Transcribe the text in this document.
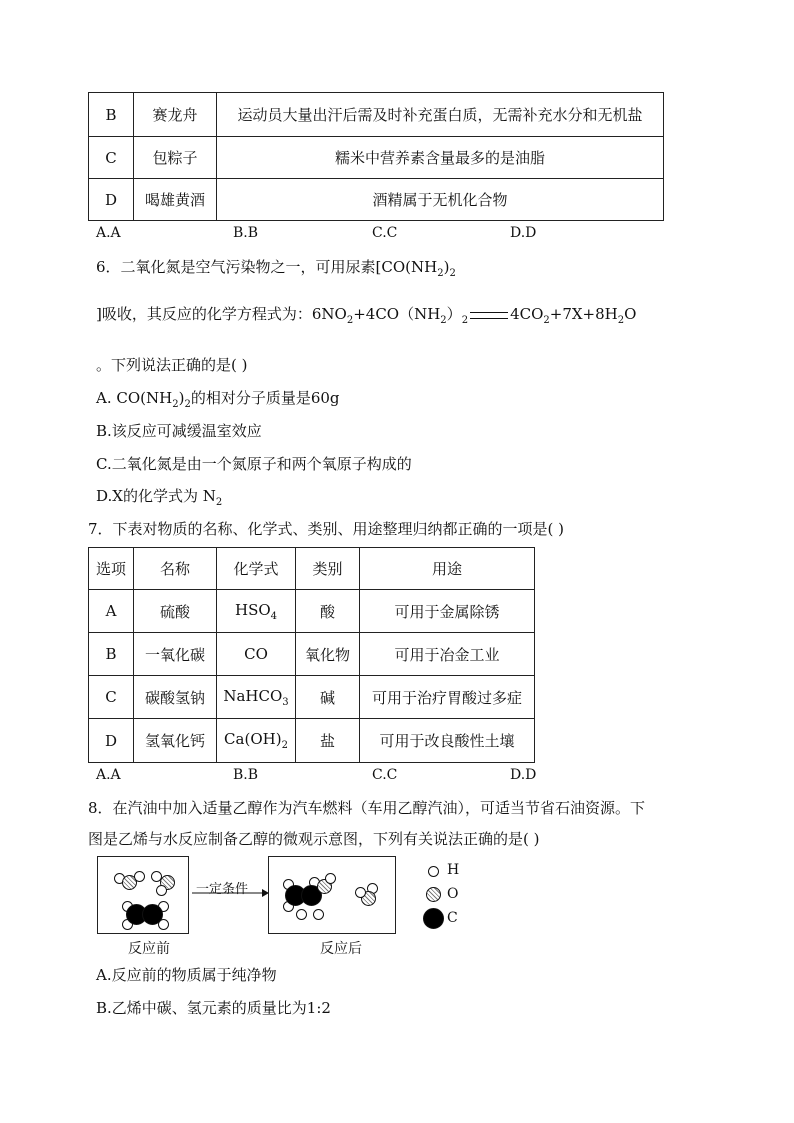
B	赛龙舟	运动员大量出汗后需及时补充蛋白质，无需补充水分和无机盐
C	包粽子	糯米中营养素含量最多的是油脂
D	喝雄黄酒	酒精属于无机化合物
A.A	B.B	C.C	D.D
6．二氧化氮是空气污染物之一，可用尿素[$CO(NH_2)_2$
]吸收，其反应的化学方程式为：$6NO_2+4CO(NH_2)_2$	$4CO_2+7X+8H_2O$
。下列说法正确的是( )
A. $CO(NH_2)_2$的相对分子质量是60g
B.该反应可减缓温室效应
C.二氧化氮是由一个氮原子和两个氧原子构成的
D.X的化学式为 $N_2$
7．下表对物质的名称、化学式、类别、用途整理归纳都正确的一项是( )
选项	名称	化学式	类别	用途
A	硫酸	$HSO_4$	酸	可用于金属除锈
B	一氧化碳	CO	氧化物	可用于冶金工业
C	碳酸氢钠	NaHCO$_3$	碱	可用于治疗胃酸过多症
D	氢氧化钙	$Ca(OH)_2$	盐	可用于改良酸性土壤
A.A	B.B	C.C	D.D
8．在汽油中加入适量乙醇作为汽车燃料（车用乙醇汽油），可适当节省石油资源。下
图是乙烯与水反应制备乙醇的微观示意图，下列有关说法正确的是( )
一定条件
反应前	反应后
H
O
C
A.反应前的物质属于纯净物
B.乙烯中碳、氢元素的质量比为1:2
